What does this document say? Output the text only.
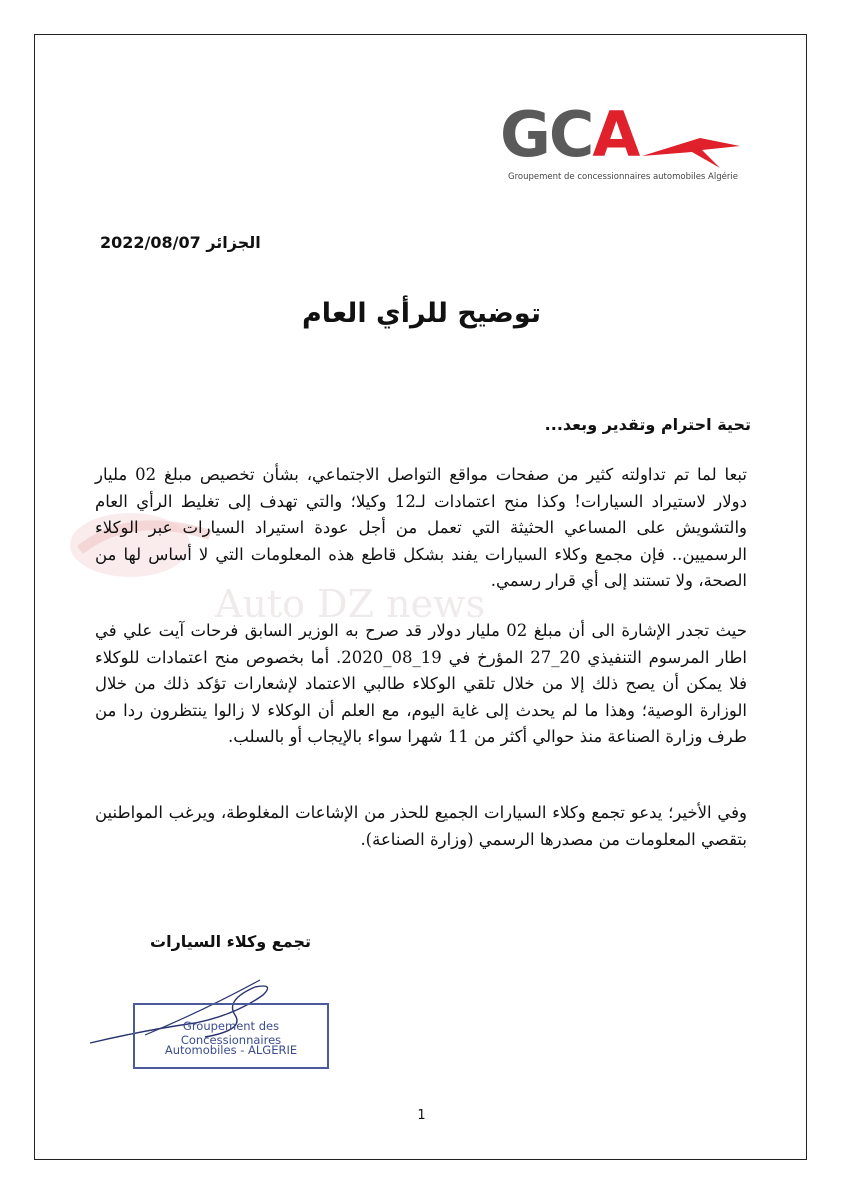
Auto DZ news
GCA
Groupement de concessionnaires automobiles Algérie
الجزائر 2022/08/07
توضيح للرأي العام
تحية احترام وتقدير وبعد...
تبعا لما تم تداولته كثير من صفحات مواقع التواصل الاجتماعي، بشأن تخصيص مبلغ 02 مليار دولار لاستيراد السيارات! وكذا منح اعتمادات لـ12 وكيلا؛ والتي تهدف إلى تغليط الرأي العام والتشويش على المساعي الحثيثة التي تعمل من أجل عودة استيراد السيارات عبر الوكلاء الرسميين.. فإن مجمع وكلاء السيارات يفند بشكل قاطع هذه المعلومات التي لا أساس لها من الصحة، ولا تستند إلى أي قرار رسمي.
حيث تجدر الإشارة الى أن مبلغ 02 مليار دولار قد صرح به الوزير السابق فرحات آيت علي في اطار المرسوم التنفيذي 20_27 المؤرخ في 19_08_2020. أما بخصوص منح اعتمادات للوكلاء فلا يمكن أن يصح ذلك إلا من خلال تلقي الوكلاء طالبي الاعتماد لإشعارات تؤكد ذلك من خلال الوزارة الوصية؛ وهذا ما لم يحدث إلى غاية اليوم، مع العلم أن الوكلاء لا زالوا ينتظرون ردا من طرف وزارة الصناعة منذ حوالي أكثر من 11 شهرا سواء بالإيجاب أو بالسلب.
وفي الأخير؛ يدعو تجمع وكلاء السيارات الجميع للحذر من الإشاعات المغلوطة، ويرغب المواطنين بتقصي المعلومات من مصدرها الرسمي (وزارة الصناعة).
تجمع وكلاء السيارات
Groupement des Concessionnaires
Automobiles - ALGERIE
1
